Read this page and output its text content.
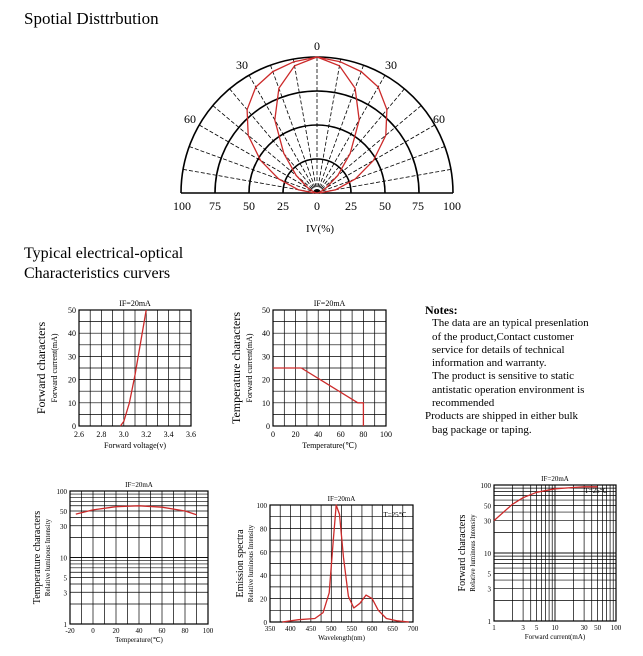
Spotial Disttrbution
Typical electrical-optical
Characteristics curvers
Notes:
The data are an typical presenlation
of the product,Contact customer
service for details of technical
information and warranty.
The product is sensitive to static
antistatic operation environment is
recommended
Products are shipped in either bulk
bag package or taping.
0
30	30
60	60
100 75 50 25 0 25 50 75 100
IV(%)
IF=20mA
2.6 2.8 3.0 3.2 3.4 3.6
0
10
20
30
40
50
Forward voltage(v)
Forward characters Forward current(mA)
IF=20mA
0 20 40 60 80 100
0
10
20
30
40
50
Temperature(℃)
Temperature characters Forward current(mA)
IF=20mA
-20 0	20 40 60 80 100
1
3
5
10
30
50
100
Temperature(℃)
Temperature characters Relative luminous Intensity
IF=20mA
T=25℃
350 400 450 500 550 600 650 700
0
20
40
60
80
100
Wavelength(nm)
Emission spectra Relative luminous Intensity
IF=20mA
T=25℃
1	3 5 10	30 50 100
1
3
5
10
30
50
100
Forward current(mA)
Forward characters Relative luminous Intensity
